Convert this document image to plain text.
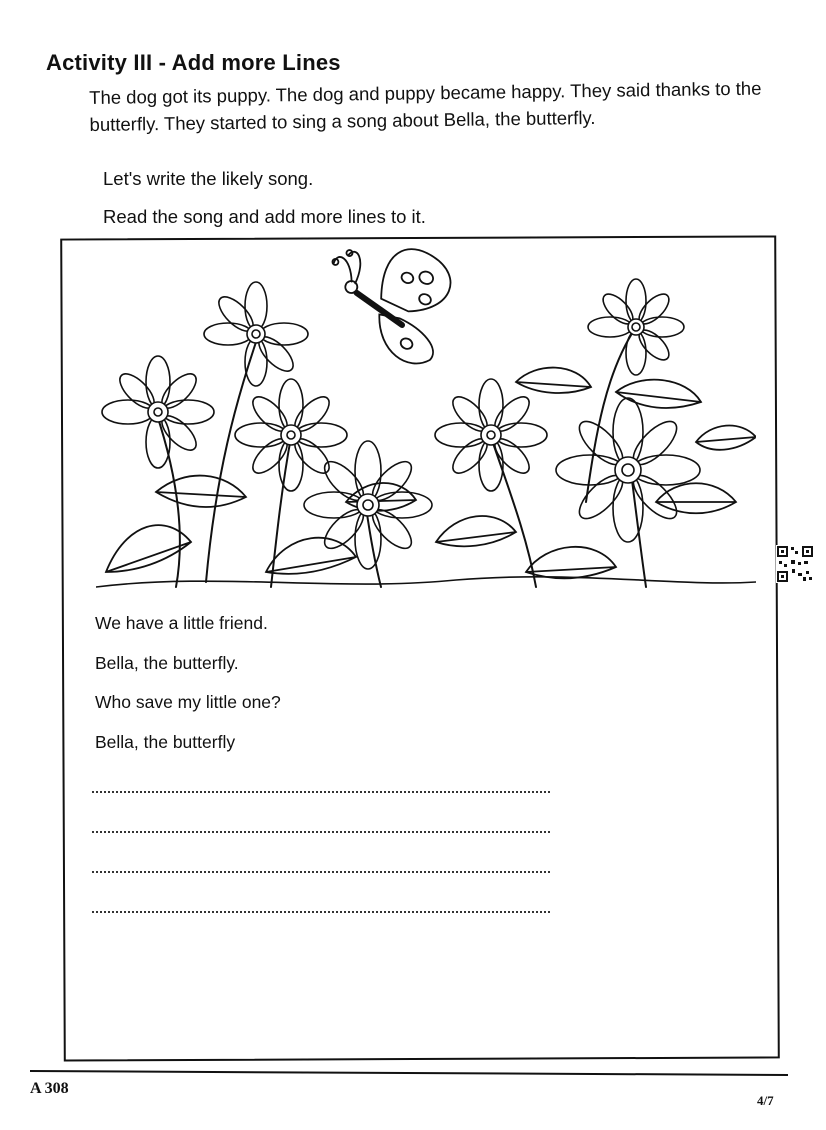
Activity III - Add more Lines
The dog got its puppy. The dog and puppy became happy. They said thanks to the butterfly. They started to sing a song about Bella, the butterfly.
Let's write the likely song.
Read the song and add more lines to it.
We have a little friend.
Bella, the butterfly.
Who save my little one?
Bella, the butterfly
A 308
4/7
